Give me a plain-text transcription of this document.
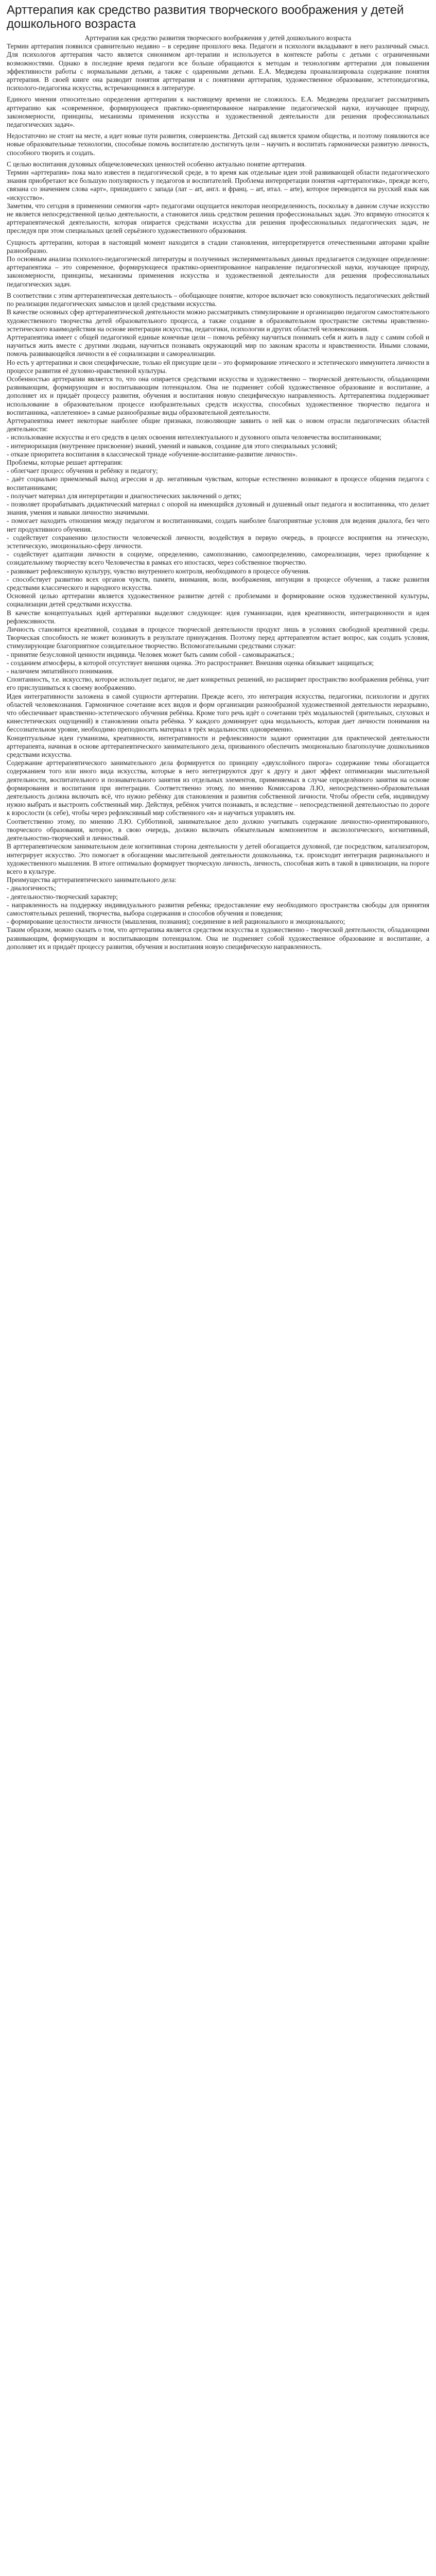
Арттерапия как средство развития творческого воображения у детей дошкольного возраста

Арттерапия как средство развития творческого воображения у детей дошкольного возраста

Термин арттерапия появился сравнительно недавно – в середине прошлого века. Педагоги и психологи вкладывают в него различный смысл. Для психологов арттерапия часто является синонимом арт-терапии и используется в контексте работы с детьми с ограниченными возможностями. Однако в последние время педагоги все больше обращаются к методам и технологиям арттерапии для повышения эффективности работы с нормальными детьми, а также с одаренными детьми. Е.А. Медведева проанализировала содержание понятия арттерапия. В своей книге она разводит понятия арттерапия и с понятиями арттерапия, художественное образование, эстетопедагогика, психолого-педагогика искусства, встречающимися в литературе.

Единого мнения относительно определения арттерапии к настоящему времени не сложилось. Е.А. Медведева предлагает рассматривать арттерапию как «современное, формирующееся практико-ориентированное направление педагогической науки, изучающее природу, закономерности, принципы, механизмы применения искусства и художественной деятельности для решения профессиональных педагогических задач».

Недостаточно не стоит на месте, а идет новые пути развития, совершенства. Детский сад является храмом общества, и поэтому появляются все новые образовательные технологии, способные помочь воспитателю достигнуть цели – научить и воспитать гармонически развитую личность, способного творить и создать.

С целью воспитания духовных общечеловеческих ценностей особенно актуально понятие арттерапия.

Термин «арттерапия» пока мало известен в педагогической среде, в то время как отдельные идеи этой развивающей области педагогического знания приобретают все большую популярность у педагогов и воспитателей. Проблема интерпретации понятия «арттерапогика», прежде всего, связана со значением слова «арт», пришедшего с запада (лат – art, англ. и франц. – art, итал. – arte), которое переводится на русский язык как «искусство».

Заметим, что сегодня в применении семиогия «арт» педагогами ощущается некоторая неопределенность, поскольку в данном случае искусство не является непосредственной целью деятельности, а становится лишь средством решения профессиональных задач. Это впрямую относится к арттерапевтической деятельности, которая опирается средствами искусства для решения профессиональных педагогических задач, не преследуя при этом специальных целей серьёзного художественного образования.

Сущность арттерапии, которая в настоящий момент находится в стадии становления, интерпретируется отечественными авторами крайне разнообразно.

По основным анализа психолого-педагогической литературы и полученных экспериментальных данных предлагается следующее определение: арттерапевтика – это современное, формирующееся практико-ориентированное направление педагогической науки, изучающее природу, закономерности, принципы, механизмы применения искусства и художественной деятельности для решения профессиональных педагогических задач.

В соответствии с этим арттерапевтическая деятельность – обобщающее понятие, которое включает всю совокупность педагогических действий по реализации педагогических замыслов и целей средствами искусства.

В качестве основных сфер арттерапевтической деятельности можно рассматривать стимулирование и организацию педагогом самостоятельного художественного творчества детей образовательного процесса, а также создание в образовательном пространстве системы нравственно-эстетического взаимодействия на основе интеграции искусства, педагогики, психологии и других областей человекознания.

Арттерапевтика имеет с общей педагогикой единые конечные цели – помочь ребёнку научиться понимать себя и жить в ладу с самим собой и научиться жить вместе с другими людьми, научиться познавать окружающий мир по законам красоты и нравственности. Иными словами, помочь развивающейся личности в её социализации и самореализации.

Но есть у арттерапики и свои специфические, только ей присущие цели – это формирование этического и эстетического иммунитета личности в процессе развития её духовно-нравственной культуры.

Особенностью арттерапии является то, что она опирается средствами искусства и художественно – творческой деятельности, обладающими развивающим, формирующим и воспитывающим потенциалом. Она не подменяет собой художественное образование и воспитание, а дополняет их и придаёт процессу развития, обучения и воспитания новую специфическую направленность. Арттерапевтика поддерживает использование в образовательном процессе изобразительных средств искусства, способных художественное творчество педагога и воспитанника, «аплетенное» в самые разнообразные виды образовательной деятельности.

Арттерапевтика имеет некоторые наиболее общие признаки, позволяющие заявить о ней как о новом отрасли педагогических областей деятельности:

- использование искусства и его средств в целях освоения интеллектуального и духовного опыта человечества воспитанниками;

- интериоризация (внутреннее присвоение) знаний, умений и навыков, создание для этого специальных условий;

- отказе приоритета воспитания в классической триаде «обучение-воспитание-развитие личности».

Проблемы, которые решает арттерапия:

- облегчает процесс обучения и ребёнку и педагогу;

- даёт социально приемлемый выход агрессии и др. негативным чувствам, которые естественно возникают в процессе общения педагога с воспитанниками;

- получает материал для интерпретации и диагностических заключений о детях;

- позволяет прорабатывать дидактический материал с опорой на имеющийся духовный и душевный опыт педагога и воспитанника, что делает знания, умения и навыки личностно значимыми.

- помогает находить отношения между педагогом и воспитанниками, создать наиболее благоприятные условия для ведения диалога, без чего нет продуктивного обучения.

- содействует сохранению целостности человеческой личности, воздействуя в первую очередь, в процессе восприятия на этическую, эстетическую, эмоционально-сферу личности.

- содействует адаптации личности в социуме, определению, самопознанию, самоопределению, самореализации, через приобщение к созидательному творчеству всего Человечества в рамках его ипостасях, через собственное творчество.

- развивает рефлексивную культуру, чувство внутреннего контроля, необходимого в процессе обучения.

- способствует развитию всех органов чувств, памяти, внимания, воли, воображения, интуиции в процессе обучения, а также развития средствами классического и народного искусства.

Основной целью арттерапии является художественное развитие детей с проблемами и формирование основ художественной культуры, социализации детей средствами искусства.

В качестве концептуальных идей арттерапики выделяют следующее: идея гуманизации, идея креативности, интеграционности и идея рефлексивности.

Личность становится креативной, создавая в процессе творческой деятельности продукт лишь в условиях свободной креативной среды. Творческая способность не может возникнуть в результате принуждения. Поэтому перед арттерапевтом встает вопрос, как создать условия, стимулирующие благоприятное созидательное творчество. Вспомогательными средствами служат:

- принятие безусловной ценности индивида. Человек может быть самим собой - самовыражаться.;

- созданием атмосферы, в которой отсутствует внешняя оценка. Это распространяет. Внешняя оценка обязывает защищаться;

- наличием эмпатийного понимания.

Спонтанность, т.е. искусство, которое использует педагог, не дает конкретных решений, но расширяет пространство воображения ребёнка, учит его прислушиваться к своему воображению.

Идея интегративности заложена в самой сущности арттерапии. Прежде всего, это интеграция искусства, педагогики, психологии и других областей человекознания. Гармоничное сочетание всех видов и форм организации разнообразной художественной деятельности неразрывно, что обеспечивает нравственно-эстетического обучения ребёнка. Кроме того речь идёт о сочетании трёх модальностей (зрительных, слуховых и кинестетических ощущений) в становлении опыта ребёнка. У каждого доминирует одна модальность, которая дает личности понимания на бессознательном уровне, необходимо преподносить материал в трёх модальностях одновременно.

Концептуальные идеи гуманизма, креативности, интегративности и рефлексивности задают ориентации для практической деятельности арттерапевта, начиная в основе арттерапевтического занимательного дела, призванного обеспечить эмоционально благополучие дошкольников средствами искусства.

Содержание арттерапевтического занимательного дела формируется по принципу «двухслойного пирога» содержание темы обогащается содержанием того или иного вида искусства, которые в него интегрируются друг к другу и дают эффект оптимизации мыслительной деятельности, воспитательного и познавательного занятия из отдельных элементов, применяемых в случае определённого занятия на основе формирования и воспитания при интеграции. Соответственно этому, по мнению Комиссарова Л.Ю, непосредственно-образовательная деятельность должна включать всё, что нужно ребёнку для становления и развития собственной личности. Чтобы обрести себя, индивидуму нужно выбрать и выстроить собственный мир. Действуя, ребёнок учится познавать, и вследствие – непосредственной деятельностью по дороге к взрослости (к себе), чтобы через рефлексивный мир собственного «я» и научиться управлять им.

Соответственно этому, по мнению Л.Ю. Субботиной, занимательное дело должно учитывать содержание личностно-ориентированного, творческого образования, которое, в свою очередь, должно включать обязательным компонентом и аксиологического, когнитивный, деятельностно-творческий и личностный.

В арттерапевтическом занимательном деле когнитивная сторона деятельности у детей обогащается духовной, где посредством, катализатором, интегрирует искусство. Это помогает в обогащении мыслительной деятельности дошкольника, т.к. происходит интеграция рационального и художественного мышления. В итоге оптимально формирует творческую личность, личность, способная жить в такой в цивилизации, на пороге всего в культуре.

Преимущества арттерапевтического занимательного дела:

- диалогичность;

- деятельностно-творческий характер;

- направленность на поддержку индивидуального развития ребенка; предоставление ему необходимого пространства свободы для принятия самостоятельных решений, творчества, выбора содержания и способов обучения и поведения;

- формирование целостности личности (мышления, познания); соединение в ней рационального и эмоционального;

Таким образом, можно сказать о том, что арттерапика является средством искусства и художественно - творческой деятельности, обладающими развивающим, формирующим и воспитывающим потенциалом. Она не подменяет собой художественное образование и воспитание, а дополняет их и придаёт процессу развития, обучения и воспитания новую специфическую направленность.
